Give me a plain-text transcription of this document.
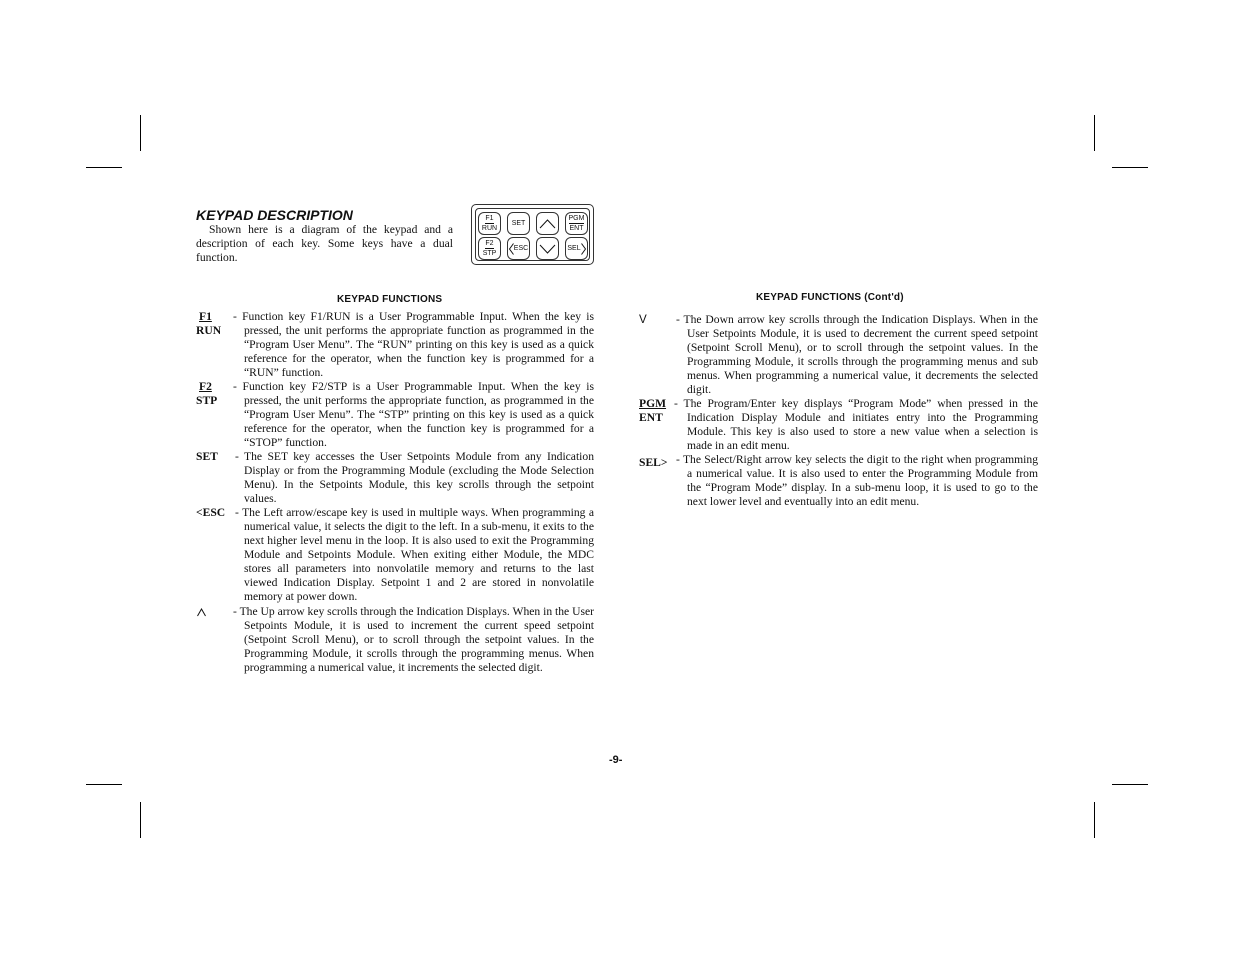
KEYPAD DESCRIPTION
Shown here is a diagram of the keypad and a description of each key. Some keys have a dual function.
F1
RUN
SET
PGM
ENT
F2
STP
ESC	SEL
KEYPAD FUNCTIONS
F1
RUN
- Function key F1/RUN is a User Programmable Input. When the key is pressed, the unit performs the appropriate function as programmed in the “Program User Menu”. The “RUN” printing on this key is used as a quick reference for the operator, when the function key is programmed for a “RUN” function.
F2
STP
- Function key F2/STP is a User Programmable Input. When the key is pressed, the unit performs the appropriate function, as programmed in the “Program User Menu”. The “STP” printing on this key is used as a quick reference for the operator, when the function key is programmed for a “STOP” function.
SET - The SET key accesses the User Setpoints Module from any Indication Display or from the Programming Module (excluding the Mode Selection Menu). In the Setpoints Module, this key scrolls through the setpoint values.
<ESC - The Left arrow/escape key is used in multiple ways. When programming a numerical value, it selects the digit to the left. In a sub-menu, it exits to the next higher level menu in the loop. It is also used to exit the Programming Module and Setpoints Module. When exiting either Module, the MDC stores all parameters into nonvolatile memory and returns to the last viewed Indication Display. Setpoint 1 and 2 are stored in nonvolatile memory at power down.
- The Up arrow key scrolls through the Indication Displays. When in the User Setpoints Module, it is used to increment the current speed setpoint (Setpoint Scroll Menu), or to scroll through the setpoint values. In the Programming Module, it scrolls through the programming menus. When programming a numerical value, it increments the selected digit.
KEYPAD FUNCTIONS (Cont'd)
V	- The Down arrow key scrolls through the Indication Displays. When in the User Setpoints Module, it is used to decrement the current speed setpoint (Setpoint Scroll Menu), or to scroll through the setpoint values. In the Programming Module, it scrolls through the programming menus and sub menus. When programming a numerical value, it decrements the selected digit.
PGM
ENT
- The Program/Enter key displays “Program Mode” when pressed in the Indication Display Module and initiates entry into the Programming Module. This key is also used to store a new value when a selection is made in an edit menu.
SEL> - The Select/Right arrow key selects the digit to the right when programming a numerical value. It is also used to enter the Programming Module from the “Program Mode” display. In a sub-menu loop, it is used to go to the next lower level and eventually into an edit menu.
-9-
